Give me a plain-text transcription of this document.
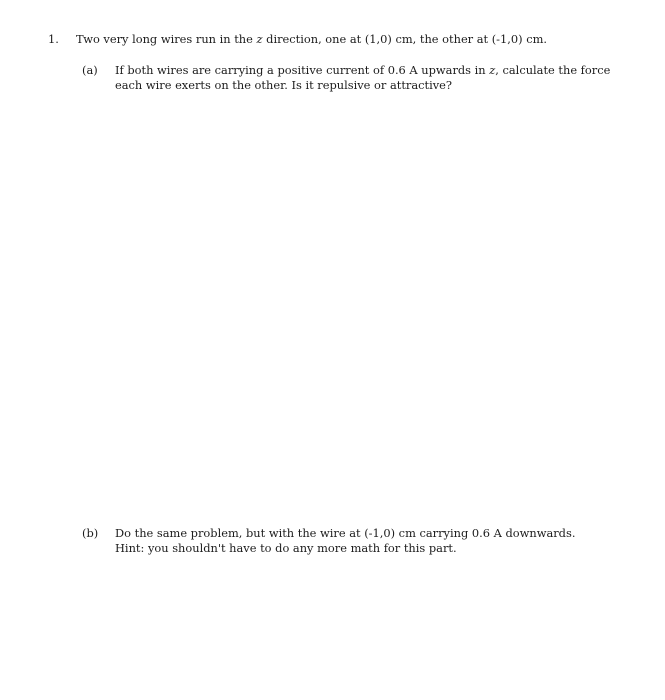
1.	Two very long wires run in the z direction, one at (1,0) cm, the other at (-1,0) cm.
(a)	If both wires are carrying a positive current of 0.6 A upwards in z, calculate the force
each wire exerts on the other. Is it repulsive or attractive?
(b)	Do the same problem, but with the wire at (-1,0) cm carrying 0.6 A downwards.
Hint: you shouldn't have to do any more math for this part.
